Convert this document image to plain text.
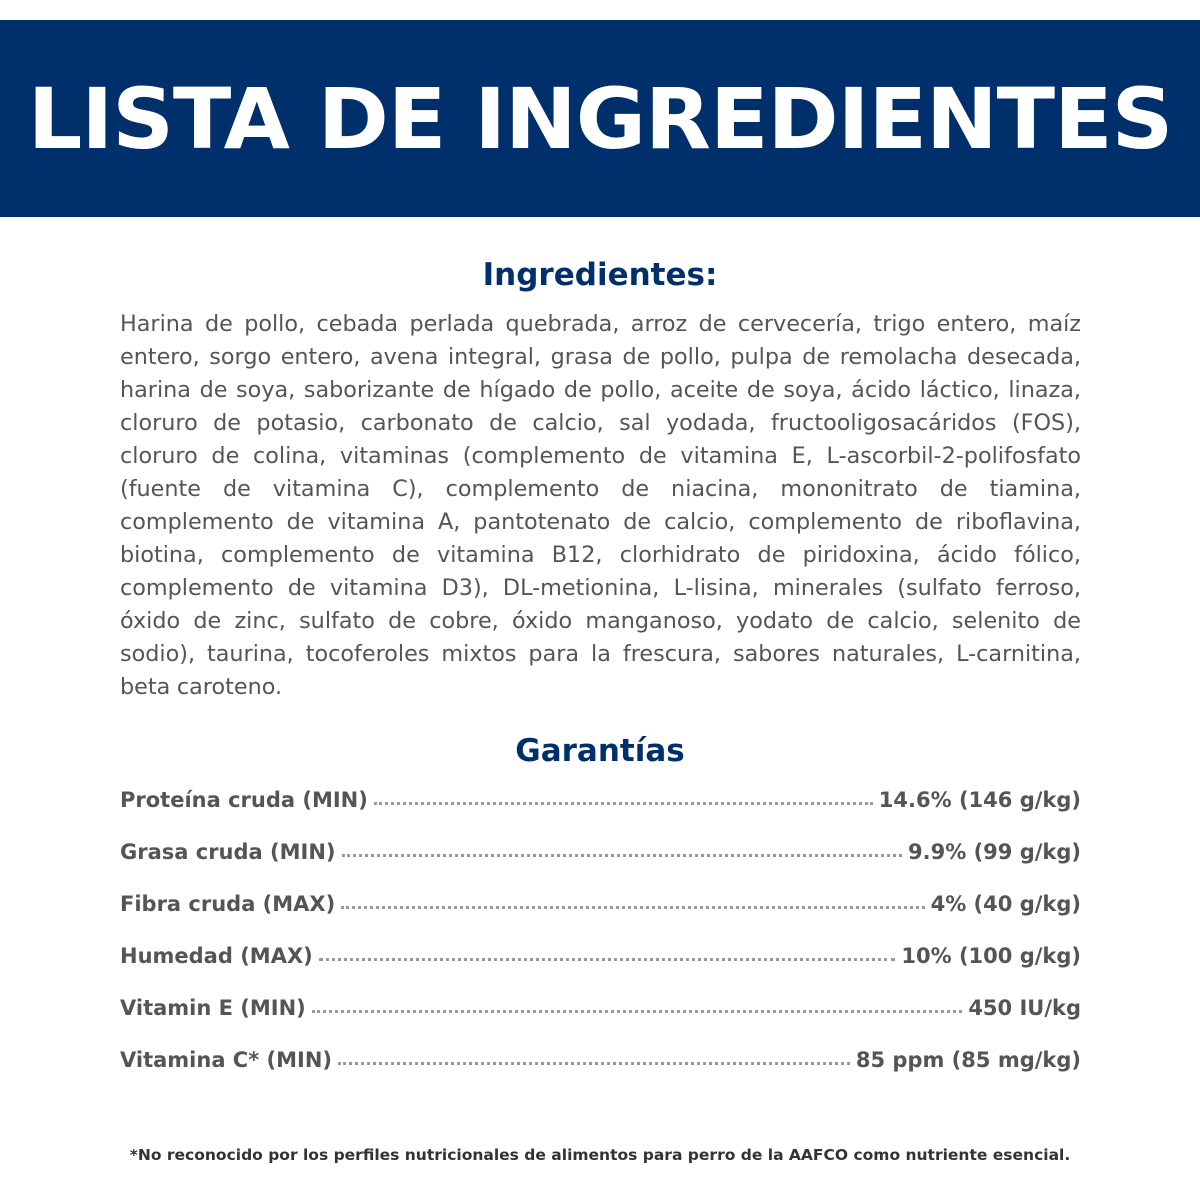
LISTA DE INGREDIENTES
Ingredientes:

Harina de pollo, cebada perlada quebrada, arroz de cervecería, trigo entero, maíz entero, sorgo entero, avena integral, grasa de pollo, pulpa de remolacha desecada, harina de soya, saborizante de hígado de pollo, aceite de soya, ácido láctico, linaza, cloruro de potasio, carbonato de calcio, sal yodada, fructooligosacáridos (FOS), cloruro de colina, vitaminas (complemento de vitamina E, L-ascorbil-2-polifosfato (fuente de vitamina C), complemento de niacina, mononitrato de tiamina, complemento de vitamina A, pantotenato de calcio, complemento de riboflavina, biotina, complemento de vitamina B12, clorhidrato de piridoxina, ácido fólico, complemento de vitamina D3), DL-metionina, L-lisina, minerales (sulfato ferroso, óxido de zinc, sulfato de cobre, óxido manganoso, yodato de calcio, selenito de sodio), taurina, tocoferoles mixtos para la frescura, sabores naturales, L-carnitina, beta caroteno.

Garantías
Proteína cruda (MIN)	14.6% (146 g/kg)
Grasa cruda (MIN)	9.9% (99 g/kg)
Fibra cruda (MAX)	4% (40 g/kg)
Humedad (MAX)	10% (100 g/kg)
Vitamin E (MIN)	450 IU/kg
Vitamina C* (MIN)	85 ppm (85 mg/kg)
*No reconocido por los perfiles nutricionales de alimentos para perro de la AAFCO como nutriente esencial.
